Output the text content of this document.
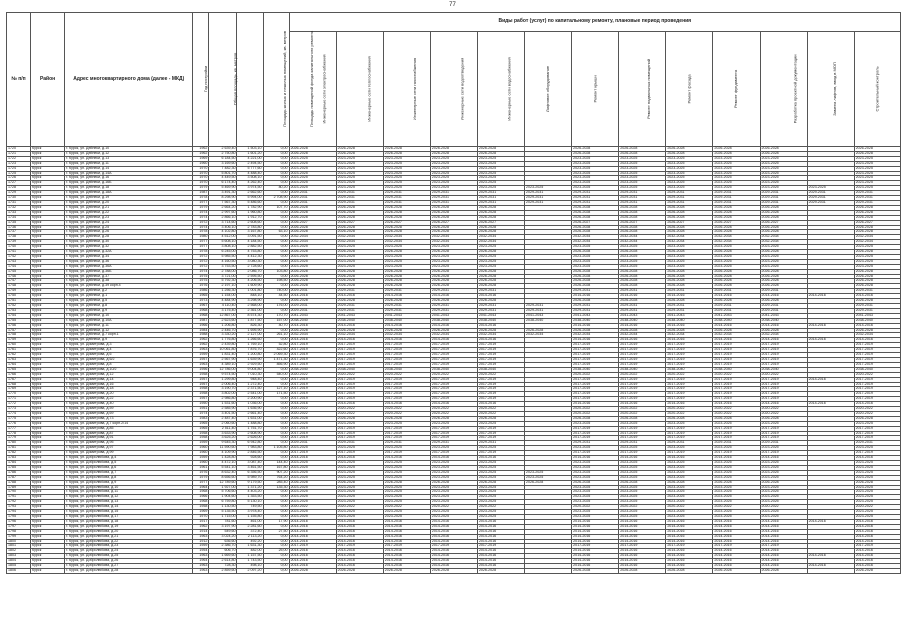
77
№ п/п	Район	Адрес многоквартирного дома (далее - МКД)	Год постройки	Общая площадь, кв. метров	Площадь жилых и нежилых помещений, кв. метров	Площадь помещений фонда капитального ремонта	Виды работ (услуг) по капитальному ремонту, плановые период проведения												
							Инженерные сети электроснабжения	Инженерные сети теплоснабжения	Инженерные сети газоснабжения	Инженерные сети водоотведения	Инженерные сети водоснабжения	Лифтовое оборудование	Ремонт крыши	Ремонт подвальных помещений	Ремонт фасада	Ремонт фундамента	Разработка проектной документации	Замена лифтов, ввод в МОП	Строительный контроль
1720	Курск	г. Курск, ул. Дейнеки, д.10	1962	2 639,40	1 503,10	0,00	2026-2028	2026-2028	2026-2028	2026-2028	2026-2028		2026-2028	2026-2028	2026-2028	2026-2028	2026-2028		2026-2028
1721	Курск	г. Курск, ул. Дейнеки, д.12	1962	2 750,80	1 601,20	0,00	2026-2028	2026-2028	2026-2028	2026-2028	2026-2028		2026-2028	2026-2028	2026-2028	2026-2028	2026-2028		2026-2028
1722	Курск	г. Курск, ул. Дейнеки, д.13	1969	6 184,50	4 221,00	0,00	2023-2025	2023-2025	2023-2025	2023-2025	2023-2025		2023-2025	2023-2025	2023-2025	2023-2025	2023-2025		2023-2025
1723	Курск	г. Курск, ул. Дейнеки, д.11	1960	3 169,60	2 494,50	0,00	2023-2025	2023-2025	2023-2025	2023-2025	2023-2025		2023-2025	2023-2025	2023-2025	2023-2025	2023-2025		2023-2025
1724	Курск	г. Курск, ул. Дейнеки, д.14	1970	7 482,30	5 777,60	0,00	2023-2025	2023-2025	2023-2025	2023-2025	2023-2025		2023-2025	2023-2025	2023-2025	2023-2025	2023-2025		2023-2025
1725	Курск	г. Курск, ул. Дейнеки, д.14А	1970	5 801,70	4 488,40	0,00	2023-2025	2023-2025	2023-2025	2023-2025	2023-2025		2023-2025	2023-2025	2023-2025	2023-2025	2023-2025		2023-2025
1726	Курск	г. Курск, ул. Дейнеки, д.16	1970	4 449,50	3 508,10	0,00	2023-2025	2023-2025	2023-2025	2023-2025	2023-2025		2023-2025	2023-2025	2023-2025	2023-2025	2023-2025		2023-2025
1727	Курск	г. Курск, ул. Дейнеки, д.16Б	1970	6 174,40	4 262,40	0,00	2023-2025	2023-2025	2023-2025	2023-2025	2023-2025		2023-2025	2023-2025	2023-2025	2023-2025	2023-2025		2023-2025
1728	Курск	г. Курск, ул. Дейнеки, д.18	1979	5 469,90	3 974,50	80,20	2023-2025	2023-2025	2023-2025	2023-2025	2023-2025	2023-2025	2023-2025	2023-2025	2023-2025	2023-2025	2023-2025	2023-2025	2023-2025
1729	Курск	г. Курск, ул. Дейнеки, д.18А	1987	3 491,30	2 662,60	0,00	2029-2031	2029-2031	2029-2031	2029-2031	2029-2031	2029-2031	2029-2031	2029-2031	2029-2031	2029-2031	2029-2031	2029-2031	2029-2031
1730	Курск	г. Курск, ул. Дейнеки, д.19	1978	8 298,90	5 994,00	2 708,90	2029-2031	2029-2031	2029-2031	2029-2031	2029-2031	2029-2031	2029-2031	2029-2031	2029-2031	2029-2031	2029-2031	2029-2031	2029-2031
1731	Курск	г. Курск, ул. Дейнеки, д.20	1977	7 567,30	5 486,60	0,00	2029-2031	2029-2031	2029-2031	2029-2031	2029-2031	2029-2031	2029-2031	2029-2031	2029-2031	2029-2031	2029-2031	2029-2031	2029-2031
1732	Курск	г. Курск, ул. Дейнеки, д.21	1979	2 664,20	1 782,90	107,70	2026-2028	2026-2028	2026-2028	2026-2028	2026-2028		2026-2028	2026-2028	2026-2028	2026-2028	2026-2028		2026-2028
1733	Курск	г. Курск, ул. Дейнеки, д.22	1974	2 997,60	1 960,80	0,00	2026-2028	2026-2028	2026-2028	2026-2028	2026-2028		2026-2028	2026-2028	2026-2028	2026-2028	2026-2028		2026-2028
1734	Курск	г. Курск, ул. Дейнеки, д.23	1974	2 866,10	1 912,70	0,00	2026-2028	2026-2028	2026-2028	2026-2028	2026-2028		2026-2028	2026-2028	2026-2028	2026-2028	2026-2028		2026-2028
1735	Курск	г. Курск, ул. Дейнеки, д.24	1972	3 714,60	2 608,60	0,00	2026-2027	2026-2027	2026-2027	2026-2027	2026-2027		2026-2027	2026-2027	2026-2027	2026-2027	2026-2027		2026-2027
1736	Курск	г. Курск, ул. Дейнеки, д.25	1974	3 406,10	2 783,80	0,00	2026-2028	2026-2028	2026-2028	2026-2028	2026-2028		2026-2028	2026-2028	2026-2028	2026-2028	2026-2028		2026-2028
1737	Курск	г. Курск, ул. Дейнеки, д.26	1978	4 102,80	3 167,80	63,10	2026-2028	2026-2028	2026-2028	2026-2028	2026-2028		2026-2028	2026-2028	2026-2028	2026-2028	2026-2028		2026-2028
1738	Курск	г. Курск, ул. Дейнеки, д.28	1980	4 512,00	3 091,50	0,00	2032-2034	2032-2034	2032-2034	2032-2034	2032-2034		2032-2034	2032-2034	2032-2034	2032-2034	2032-2034		2032-2034
1739	Курск	г. Курск, ул. Дейнеки, д.30	1977	5 608,10	4 184,50	0,00	2032-2034	2032-2034	2032-2034	2032-2034	2032-2034		2032-2034	2032-2034	2032-2034	2032-2034	2032-2034		2032-2034
1740	Курск	г. Курск, ул. Дейнеки, д.32	1977	3 808,10	2 882,50	0,00	2023-2025	2023-2025	2023-2025	2023-2025	2023-2025		2023-2025	2023-2025	2023-2025	2023-2025	2023-2025		2023-2025
1741	Курск	г. Курск, ул. Дейнеки, д.32А	1978	6 245,00	4 753,80	0,00	2026-2028	2026-2028	2026-2028	2026-2028	2026-2028		2026-2028	2026-2028	2026-2028	2026-2028	2026-2028		2026-2028
1742	Курск	г. Курск, ул. Дейнеки, д.34	1972	5 985,50	4 412,30	0,00	2023-2025	2023-2025	2023-2025	2023-2025	2023-2025		2023-2025	2023-2025	2023-2025	2023-2025	2023-2025		2023-2025
1743	Курск	г. Курск, ул. Дейнеки, д.36	1972	4 160,50	3 080,30	0,00	2023-2025	2023-2025	2023-2025	2023-2025	2023-2025		2023-2025	2023-2025	2023-2025	2023-2025	2023-2025		2023-2025
1744	Курск	г. Курск, ул. Дейнеки, д.36А	1972	3 753,50	2 728,60	0,00	2023-2025	2023-2025	2023-2025	2023-2025	2023-2025		2023-2025	2023-2025	2023-2025	2023-2025	2023-2025		2023-2025
1745	Курск	г. Курск, ул. Дейнеки, д.36Б	1974	2 788,00	2 086,70	103,80	2026-2028	2026-2028	2026-2028	2026-2028	2026-2028		2026-2028	2026-2028	2026-2028	2026-2028	2026-2028		2026-2028
1746	Курск	г. Курск, ул. Дейнеки, д.37	1975	3 721,00	2 595,50	0,00	2026-2028	2026-2028	2026-2028	2026-2028	2026-2028		2026-2028	2026-2028	2026-2028	2026-2028	2026-2028		2026-2028
1747	Курск	г. Курск, ул. Дейнеки, д.38	1975	5 792,30	4 206,50	198,50	2026-2028	2026-2028	2026-2028	2026-2028	2026-2028		2026-2028	2026-2028	2026-2028	2026-2028	2026-2028		2026-2028
1748	Курск	г. Курск, ул. Дейнеки, д.39 корп.4	1976	2 197,10	1 609,90	0,00	2026-2028	2026-2028	2026-2028	2026-2028	2026-2028		2026-2028	2026-2028	2026-2028	2026-2028	2026-2028		2026-2028
1749	Курск	г. Курск, ул. Дейнеки, д.2	1986	1 256,30	1 001,80	740,00	2029-2031	2029-2031	2029-2031	2029-2031	2029-2031		2029-2031	2029-2031	2029-2031	2029-2031	2029-2031		2029-2031
1750	Курск	г. Курск, ул. Дейнеки, д.1	1965	1 154,00	848,10	44,50	2014-2016	2014-2016	2014-2016	2014-2016	2014-2016		2014-2016	2014-2016	2014-2016	2014-2016	2014-2016	2014-2016	2014-2016
1751	Курск	г. Курск, ул. Дейнеки, д.5	1973	4 484,90	3 298,90	0,00	2026-2028	2026-2028	2026-2028	2026-2028	2026-2028		2026-2028	2026-2028	2026-2028	2026-2028	2026-2028		2026-2028
1752	Курск	г. Курск, ул. Дейнеки, д.8	1967	4 110,40	2 568,00	176,00	2029-2031	2029-2031	2029-2031	2029-2031	2029-2031	2029-2031	2029-2031	2029-2031	2029-2031	2029-2031	2029-2031		2029-2031
1753	Курск	г. Курск, ул. Дейнеки, д.9	1968	3 175,40	2 361,00	0,00	2029-2031	2029-2031	2029-2031	2029-2031	2029-2031	2029-2031	2029-2031	2029-2031	2029-2031	2029-2031	2029-2031		2029-2031
1754	Курск	г. Курск, ул. Дейнеки, д.10	1968	12 867,00	8 574,30	170,70	2041-2043	2041-2043	2041-2043	2041-2043	2041-2043	2041-2043	2041-2043	2041-2043	2041-2043	2041-2043	2041-2043		2041-2043
1755	Курск	г. Курск, ул. Дейнеки, д.10А	1987	2 623,60	1 877,50	157,00	2038-2040	2038-2040	2038-2040	2038-2040	2038-2040	2038-2040	2038-2040	2038-2040	2038-2040	2038-2040	2038-2040		2038-2040
1756	Курск	г. Курск, ул. Дейнеки, д.11	1966	1 206,80	826,30	40,70	2014-2016	2014-2016	2014-2016	2014-2016	2014-2016		2014-2016	2014-2016	2014-2016	2014-2016	2014-2016	2014-2016	2014-2016
1757	Курск	г. Курск, ул. Дейнеки, д.12	1984	2 446,70	1 695,90	0,00	2026-2028	2026-2028	2026-2028	2026-2028	2026-2028	2026-2028	2026-2028	2026-2028	2026-2028	2026-2028	2026-2028		2026-2028
1758	Курск	г. Курск, ул. Дейнеки, д.7 корп.1	1988	3 330,20	2 127,00	261,10	2032-2034	2032-2034	2032-2034	2032-2034	2032-2034	2032-2034	2032-2034	2032-2034	2032-2034	2032-2034	2032-2034		2032-2034
1759	Курск	г. Курск, ул. Дейнеки, д.9	1962	1 776,80	1 266,60	0,00	2014-2016	2014-2016	2014-2016	2014-2016	2014-2016		2014-2016	2014-2016	2014-2016	2014-2016	2014-2016	2014-2016	2014-2016
1760	Курск	г. Курск, ул. Димитрова, д.3	1962	2 439,80	1 769,10	52,80	2017-2019	2017-2019	2017-2019	2017-2019	2017-2019		2017-2019	2017-2019	2017-2019	2017-2019	2017-2019		2017-2019
1761	Курск	г. Курск, ул. Димитрова, д.4	1963	10 061,80	7 876,70	422,60	2017-2019	2017-2019	2017-2019	2017-2019	2017-2019		2017-2019	2017-2019	2017-2019	2017-2019	2017-2019		2017-2019
1762	Курск	г. Курск, ул. Димитрова, д.6	1959	1 831,40	1 200,80	2 069,30	2017-2019	2017-2019	2017-2019	2017-2019	2017-2019		2017-2019	2017-2019	2017-2019	2017-2019	2017-2019		2017-2019
1763	Курск	г. Курск, ул. Димитрова, д.6/2	1957	2 567,90	1 639,90	1 471,30	2017-2019	2017-2019	2017-2019	2017-2019	2017-2019		2017-2019	2017-2019	2017-2019	2017-2019	2017-2019		2017-2019
1764	Курск	г. Курск, ул. Димитрова, д.8	1963	4 389,10	2 929,50	856,90	2017-2019	2017-2019	2017-2019	2017-2019	2017-2019		2017-2019	2017-2019	2017-2019	2017-2019	2017-2019		2017-2019
1765	Курск	г. Курск, ул. Димитрова, д.10/2	1956	12 786,00	9 004,80	0,00	2038-2040	2038-2040	2038-2040	2038-2040	2038-2040		2038-2040	2038-2040	2038-2040	2038-2040	2038-2040		2038-2040
1766	Курск	г. Курск, ул. Димитрова, д.12	1958	9 574,50	7 010,30	540,00	2020-2022	2020-2022	2020-2022	2020-2022	2020-2022		2020-2022	2020-2022	2020-2022	2020-2022	2020-2022		2020-2022
1767	Курск	г. Курск, ул. Димитрова, д.14	1957	1 299,80	948,40	0,00	2017-2019	2017-2019	2017-2019	2017-2019	2017-2019		2017-2019	2017-2019	2017-2019	2017-2019	2017-2019	2014-2016	2017-2019
1768	Курск	г. Курск, ул. Димитрова, д.16	1957	2 006,40	1 272,40	0,00	2017-2019	2017-2019	2017-2019	2017-2019	2017-2019		2017-2019	2017-2019	2017-2019	2017-2019	2017-2019		2017-2019
1769	Курск	г. Курск, ул. Димитрова, д.18	1958	3 190,70	2 371,50	127,10	2017-2019	2017-2019	2017-2019	2017-2019	2017-2019		2017-2019	2017-2019	2017-2019	2017-2019	2017-2019		2017-2019
1770	Курск	г. Курск, ул. Димитрова, д.20	1958	3 802,00	2 541,00	171,50	2017-2019	2017-2019	2017-2019	2017-2019	2017-2019		2017-2019	2017-2019	2017-2019	2017-2019	2017-2019		2017-2019
1771	Курск	г. Курск, ул. Димитрова, д.22	1957	2 986,80	2 200,90	0,00	2017-2019	2017-2019	2017-2019	2017-2019	2017-2019		2017-2019	2017-2019	2017-2019	2017-2019	2017-2019		2017-2019
1772	Курск	г. Курск, ул. Димитрова, д.40	1950	1 531,60	1 036,00	0,00	2014-2016	2014-2016	2014-2016	2014-2016	2014-2016		2014-2016	2014-2016	2014-2016	2014-2016	2014-2016	2014-2016	2014-2016
1773	Курск	г. Курск, ул. Димитрова, д.59	1951	2 585,90	1 636,90	0,00	2020-2022	2020-2022	2020-2022	2020-2022	2020-2022		2020-2022	2020-2022	2020-2022	2020-2022	2020-2022		2020-2022
1774	Курск	г. Курск, ул. Димитрова, д.69	1974	3 401,50	2 661,40	0,00	2020-2022	2020-2022	2020-2022	2020-2022	2020-2022		2020-2022	2020-2022	2020-2022	2020-2022	2020-2022		2020-2022
1775	Курск	г. Курск, ул. Димитрова, д.73	1983	2 487,40	1 631,00	0,00	2026-2028	2026-2028	2026-2028	2026-2028	2026-2028		2026-2028	2026-2028	2026-2028	2026-2028	2026-2028		2026-2028
1776	Курск	г. Курск, ул. Димитрова, д.7 корп.2/14	1965	2 060,60	1 488,80	0,00	2023-2025	2023-2025	2023-2025	2023-2025	2023-2025		2023-2025	2023-2025	2023-2025	2023-2025	2023-2025		2023-2025
1777	Курск	г. Курск, ул. Димитрова, д.85	1965	2 511,40	1 751,70	0,00	2017-2019	2017-2019	2017-2019	2017-2019	2017-2019		2017-2019	2017-2019	2017-2019	2017-2019	2017-2019		2017-2019
1778	Курск	г. Курск, ул. Димитрова, д.87	1958	3 633,90	2 608,90	0,00	2017-2019	2017-2019	2017-2019	2017-2019	2017-2019		2017-2019	2017-2019	2017-2019	2017-2019	2017-2019		2017-2019
1779	Курск	г. Курск, ул. Димитрова, д.91	1958	3 625,20	2 626,00	0,00	2017-2019	2017-2019	2017-2019	2017-2019	2017-2019		2017-2019	2017-2019	2017-2019	2017-2019	2017-2019		2017-2019
1780	Курск	г. Курск, ул. Димитрова, д.95	1959	9 645,30	6 942,80	0,00	2029-2031	2029-2031	2029-2031	2029-2031	2029-2031		2029-2031	2029-2031	2029-2031	2029-2031	2029-2031		2029-2031
1781	Курск	г. Курск, ул. Димитрова, д.97	1960	11 590,60	7 983,80	1 105,80	2023-2025	2023-2025	2023-2025	2023-2025	2023-2025		2023-2025	2023-2025	2023-2025	2023-2025	2023-2025		2023-2025
1782	Курск	г. Курск, ул. Димитрова, д.99	1960	4 109,90	2 846,50	0,00	2017-2019	2017-2019	2017-2019	2017-2019	2017-2019		2017-2019	2017-2019	2017-2019	2017-2019	2017-2019		2017-2019
1783	Курск	г. Курск, ул. Добролюбова, д.4	1959	1 428,80	928,60	0,00	2014-2016	2014-2016	2014-2016	2014-2016	2014-2016		2014-2016	2014-2016	2014-2016	2014-2016	2014-2016		2014-2016
1784	Курск	г. Курск, ул. Добролюбова, д.5	1960	4 472,10	3 087,40	144,40	2023-2025	2023-2025	2023-2025	2023-2025	2023-2025		2023-2025	2023-2025	2023-2025	2023-2025	2023-2025		2023-2025
1785	Курск	г. Курск, ул. Добролюбова, д.6	1961	5 541,10	3 461,50	167,80	2023-2025	2023-2025	2023-2025	2023-2025	2023-2025		2023-2025	2023-2025	2023-2025	2023-2025	2023-2025		2023-2025
1786	Курск	г. Курск, ул. Добролюбова, д.7	1976	8 632,40	6 356,50	907,20	2023-2025	2023-2025	2023-2025	2023-2025	2023-2025	2023-2025	2023-2025	2023-2025	2023-2025	2023-2025	2023-2025		2023-2025
1787	Курск	г. Курск, ул. Добролюбова, д.8	1979	8 656,60	5 989,70	764,20	2023-2025	2023-2025	2023-2025	2023-2025	2023-2025	2023-2025	2023-2025	2023-2025	2023-2025	2023-2025	2023-2025		2023-2025
1788	Курск	г. Курск, ул. Добролюбова, д.9	1977	12 789,60	9 179,50	285,40	2026-2028	2026-2028	2026-2028	2026-2028	2026-2028	2026-2028	2026-2028	2026-2028	2026-2028	2026-2028	2026-2028		2026-2028
1789	Курск	г. Курск, ул. Добролюбова, д.10	1964	1 927,00	1 371,20	135,30	2023-2025	2023-2025	2023-2025	2023-2025	2023-2025		2023-2025	2023-2025	2023-2025	2023-2025	2023-2025		2023-2025
1790	Курск	г. Курск, ул. Добролюбова, д.11	1968	5 706,60	4 403,20	0,00	2023-2025	2023-2025	2023-2025	2023-2025	2023-2025		2023-2025	2023-2025	2023-2025	2023-2025	2023-2025		2023-2025
1791	Курск	г. Курск, ул. Добролюбова, д.12	1966	1 904,60	1 353,50	0,00	2023-2025	2023-2025	2023-2025	2023-2025	2023-2025		2023-2025	2023-2025	2023-2025	2023-2025	2023-2025		2023-2025
1792	Курск	г. Курск, ул. Добролюбова, д.13	1968	6 759,80	5 130,10	0,00	2023-2025	2023-2025	2023-2025	2023-2025	2023-2025		2023-2025	2023-2025	2023-2025	2023-2025	2023-2025		2023-2025
1793	Курск	г. Курск, ул. Добролюбова, д.14	1958	1 130,50	749,50	0,00	2020-2022	2020-2022	2020-2022	2020-2022	2020-2022		2020-2022	2020-2022	2020-2022	2020-2022	2020-2022		2020-2022
1794	Курск	г. Курск, ул. Добролюбова, д.15	1969	5 135,50	3 978,40	0,00	2023-2025	2023-2025	2023-2025	2023-2025	2023-2025		2023-2025	2023-2025	2023-2025	2023-2025	2023-2025		2023-2025
1795	Курск	г. Курск, ул. Добролюбова, д.17	1970	1 715,00	1 155,80	0,00	2023-2025	2023-2025	2023-2025	2023-2025	2023-2025		2023-2025	2023-2025	2023-2025	2023-2025	2023-2025		2023-2025
1796	Курск	г. Курск, ул. Добролюбова, д.18	1917	781,60	461,00	17,90	2014-2016	2014-2016	2014-2016	2014-2016	2014-2016		2014-2016	2014-2016	2014-2016	2014-2016	2014-2016	2014-2016	2014-2016
1797	Курск	г. Курск, ул. Добролюбова, д.19	1962	3 197,90	2 281,60	0,00	2014-2016	2014-2016	2014-2016	2014-2016	2014-2016		2014-2016	2014-2016	2014-2016	2014-2016	2014-2016		2014-2016
1798	Курск	г. Курск, ул. Добролюбова, д.20	1914	549,60	372,40	27,50	2014-2016	2014-2016	2014-2016	2014-2016	2014-2016		2014-2016	2014-2016	2014-2016	2014-2016	2014-2016		2014-2016
1799	Курск	г. Курск, ул. Добролюбова, д.21	1963	3 024,20	2 113,20	0,00	2014-2016	2014-2016	2014-2016	2014-2016	2014-2016		2014-2016	2014-2016	2014-2016	2014-2016	2014-2016		2014-2016
1800	Курск	г. Курск, ул. Добролюбова, д.22	1912	636,60	492,20	0,00	2014-2016	2014-2016	2014-2016	2014-2016	2014-2016		2014-2016	2014-2016	2014-2016	2014-2016	2014-2016		2014-2016
1801	Курск	г. Курск, ул. Добролюбова, д.23	1959	2 386,70	1 631,30	0,00	2017-2019	2017-2019	2017-2019	2017-2019	2017-2019		2017-2019	2017-2019	2017-2019	2017-2019	2017-2019		2017-2019
1802	Курск	г. Курск, ул. Добролюбова, д.24	1954	606,70	482,00	25,00	2014-2016	2014-2016	2014-2016	2014-2016	2014-2016		2014-2016	2014-2016	2014-2016	2014-2016	2014-2016		2014-2016
1803	Курск	г. Курск, ул. Добролюбова, д.25	1963	1 669,60	1 157,50	0,00	2014-2016	2014-2016	2014-2016	2014-2016	2014-2016		2014-2016	2014-2016	2014-2016	2014-2016	2014-2016	2014-2016	2014-2016
1804	Курск	г. Курск, ул. Добролюбова, д.26	1964	2 614,80	1 743,50	0,00	2014-2016	2014-2016	2014-2016	2014-2016	2014-2016		2014-2016	2014-2016	2014-2016	2014-2016	2014-2016		2014-2016
1805	Курск	г. Курск, ул. Добролюбова, д.27	1963	728,30	498,10	0,00	2014-2016	2014-2016	2014-2016	2014-2016	2014-2016		2014-2016	2014-2016	2014-2016	2014-2016	2014-2016	2014-2016	2014-2016
1806	Курск	г. Курск, ул. Добролюбова, д.28	1963	2 859,60	2 097,20	0,00	2026-2028	2026-2028	2026-2028	2026-2028	2026-2028		2026-2028	2026-2028	2026-2028	2026-2028	2026-2028		2026-2028
